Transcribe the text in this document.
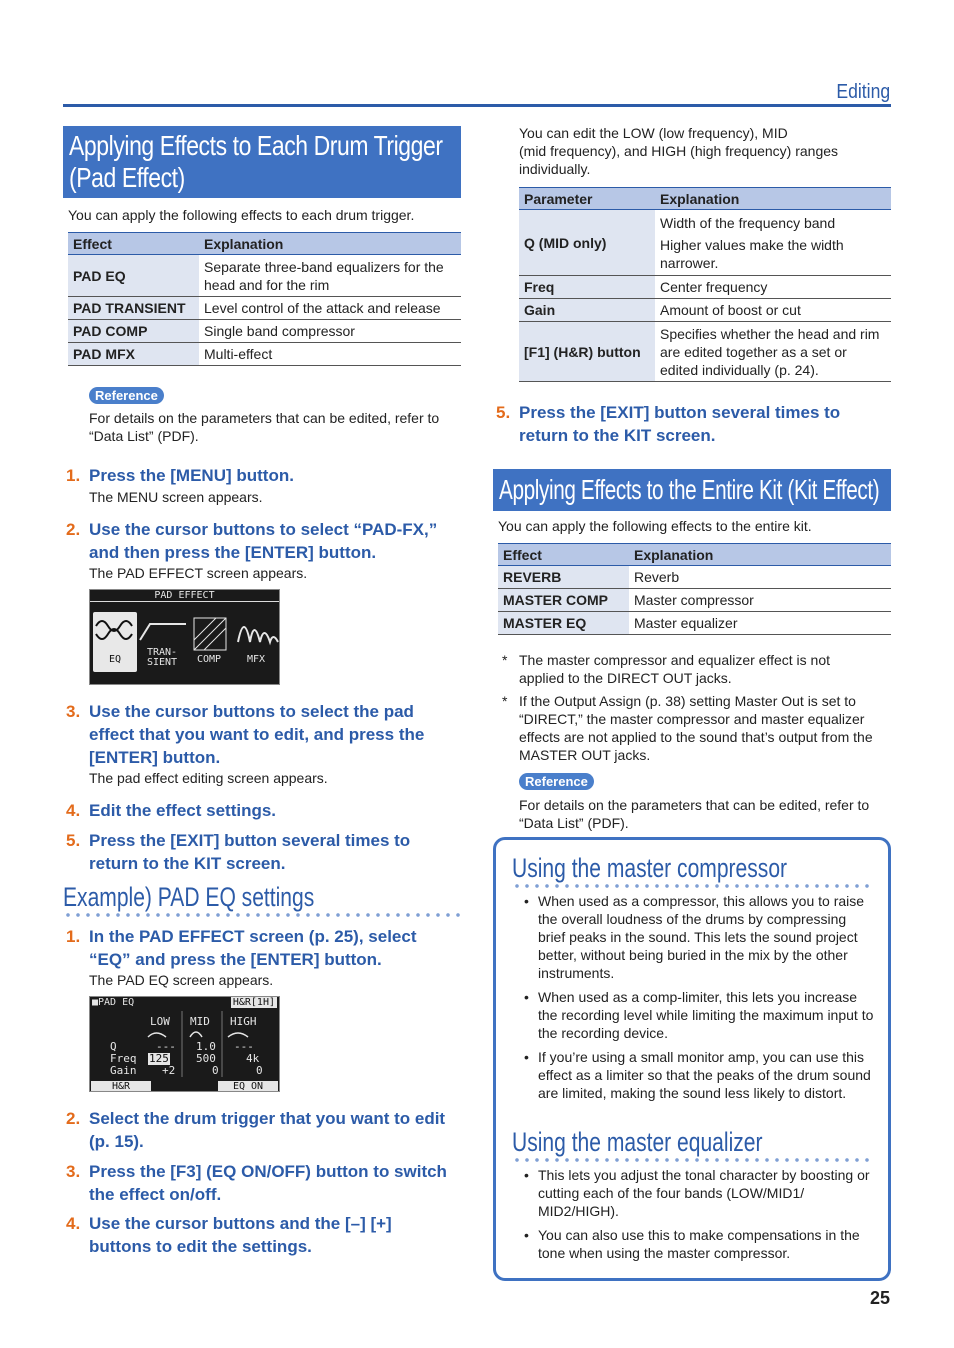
Editing
Applying Effects to Each Drum Trigger
(Pad Effect)
You can apply the following effects to each drum trigger.
Effect	Explanation
PAD EQ	Separate three-band equalizers for the head and for the rim
PAD TRANSIENT	Level control of the attack and release
PAD COMP	Single band compressor
PAD MFX	Multi-effect
Reference
For details on the parameters that can be edited, refer to “Data List” (PDF).
1. Press the [MENU] button.
The MENU screen appears.
2. Use the cursor buttons to select “PAD-FX,” and then press the [ENTER] button.
The PAD EFFECT screen appears.
PAD EFFECT
EQ
TRAN-
SIENT	COMP	MFX
3. Use the cursor buttons to select the pad effect that you want to edit, and press the [ENTER] button.
The pad effect editing screen appears.
4. Edit the effect settings.
5. Press the [EXIT] button several times to return to the KIT screen.
Example) PAD EQ settings
1. In the PAD EFFECT screen (p. 25), select “EQ” and press the [ENTER] button.
The PAD EQ screen appears.
■PAD EQ	H&R[1H]
LOW MID HIGH
Q
Freq
Gain
--- 1.0 ---
125 500	4k
+2	0	0
H&R	EQ ON
2. Select the drum trigger that you want to edit (p. 15).
3. Press the [F3] (EQ ON/OFF) button to switch the effect on/off.
4. Use the cursor buttons and the [–] [+] buttons to edit the settings.
You can edit the LOW (low frequency), MID
(mid frequency), and HIGH (high frequency) ranges
individually.
Parameter	Explanation
Q (MID only)	Width of the frequency band
Higher values make the width narrower.

Freq	Center frequency
Gain	Amount of boost or cut
[F1] (H&R) button	Specifies whether the head and rim are edited together as a set or edited individually (p. 24).
5. Press the [EXIT] button several times to return to the KIT screen.
Applying Effects to the Entire Kit (Kit Effect)
You can apply the following effects to the entire kit.
Effect	Explanation
REVERB	Reverb
MASTER COMP	Master compressor
MASTER EQ	Master equalizer
* The master compressor and equalizer effect is not applied to the DIRECT OUT jacks.
* If the Output Assign (p. 38) setting Master Out is set to “DIRECT,” the master compressor and master equalizer effects are not applied to the sound that’s output from the MASTER OUT jacks.
Reference
For details on the parameters that can be edited, refer to “Data List” (PDF).
Using the master compressor
• When used as a compressor, this allows you to raise the overall loudness of the drums by compressing brief peaks in the sound. This lets the sound project better, without being buried in the mix by the other instruments.
• When used as a comp-limiter, this lets you increase the recording level while limiting the maximum input to the recording device.
• If you’re using a small monitor amp, you can use this effect as a limiter so that the peaks of the drum sound are limited, making the sound less likely to distort.
Using the master equalizer
• This lets you adjust the tonal character by boosting or cutting each of the four bands (LOW/MID1/ MID2/HIGH).
• You can also use this to make compensations in the tone when using the master compressor.
25
